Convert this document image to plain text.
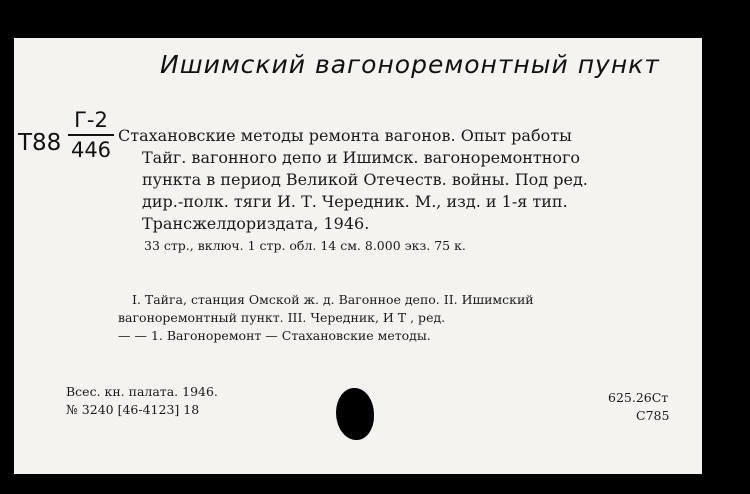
Ишимский вагоноремонтный пункт
Т88
Г-2
446
Стахановские методы ремонта вагонов. Опыт работы
Тайг. вагонного депо и Ишимск. вагоноремонтного
пункта в период Великой Отечеств. войны. Под ред.
дир.-полк. тяги И. Т. Чередник. М., изд. и 1-я тип.
Трансжелдориздата, 1946.
33 стр., включ. 1 стр. обл. 14 см. 8.000 экз. 75 к.
I. Тайга, станция Омской ж. д. Вагонное депо. II. Ишимский
вагоноремонтный пункт. III. Чередник, И Т , ред.
— — 1. Вагоноремонт — Стахановские методы.
Всес. кн. палата. 1946.
№ 3240 [46-4123] 18
625.26Ст
С785
